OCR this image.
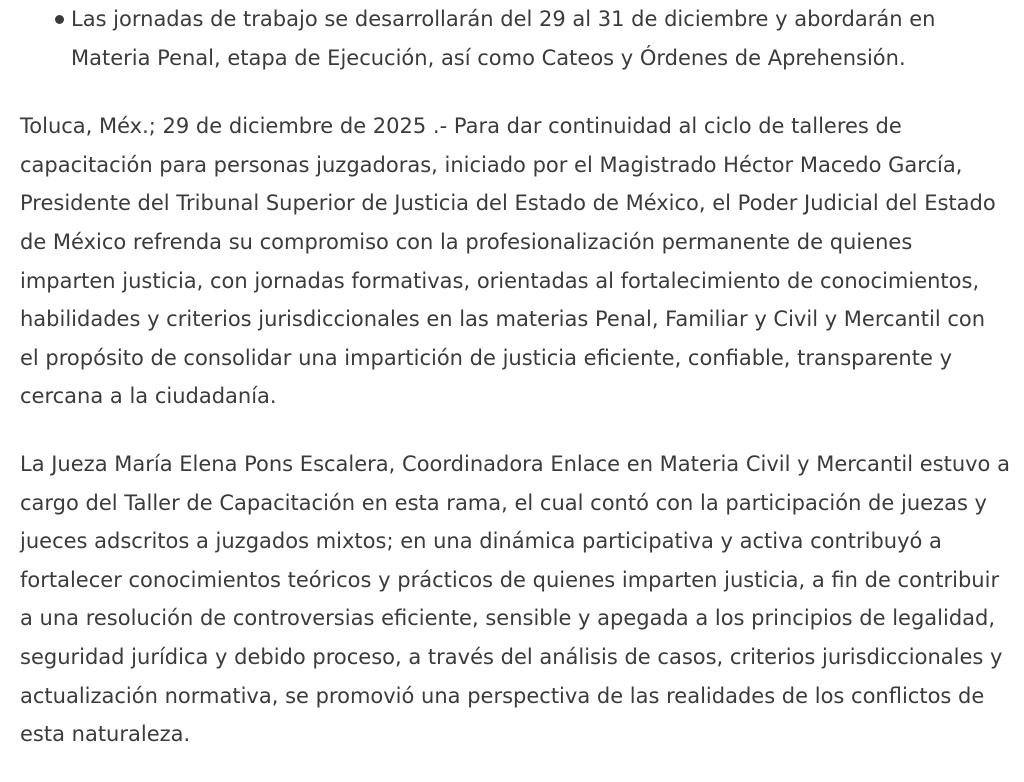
Las jornadas de trabajo se desarrollarán del 29 al 31 de diciembre y abordarán en Materia Penal, etapa de Ejecución, así como Cateos y Órdenes de Aprehensión.

Toluca, Méx.; 29 de diciembre de 2025 .- Para dar continuidad al ciclo de talleres de capacitación para personas juzgadoras, iniciado por el Magistrado Héctor Macedo García, Presidente del Tribunal Superior de Justicia del Estado de México, el Poder Judicial del Estado de México refrenda su compromiso con la profesionalización permanente de quienes imparten justicia, con jornadas formativas, orientadas al fortalecimiento de conocimientos, habilidades y criterios jurisdiccionales en las materias Penal, Familiar y Civil y Mercantil con el propósito de consolidar una impartición de justicia eficiente, confiable, transparente y cercana a la ciudadanía.

La Jueza María Elena Pons Escalera, Coordinadora Enlace en Materia Civil y Mercantil estuvo a cargo del Taller de Capacitación en esta rama, el cual contó con la participación de juezas y jueces adscritos a juzgados mixtos; en una dinámica participativa y activa contribuyó a fortalecer conocimientos teóricos y prácticos de quienes imparten justicia, a fin de contribuir a una resolución de controversias eficiente, sensible y apegada a los principios de legalidad, seguridad jurídica y debido proceso, a través del análisis de casos, criterios jurisdiccionales y actualización normativa, se promovió una perspectiva de las realidades de los conflictos de esta naturaleza.
